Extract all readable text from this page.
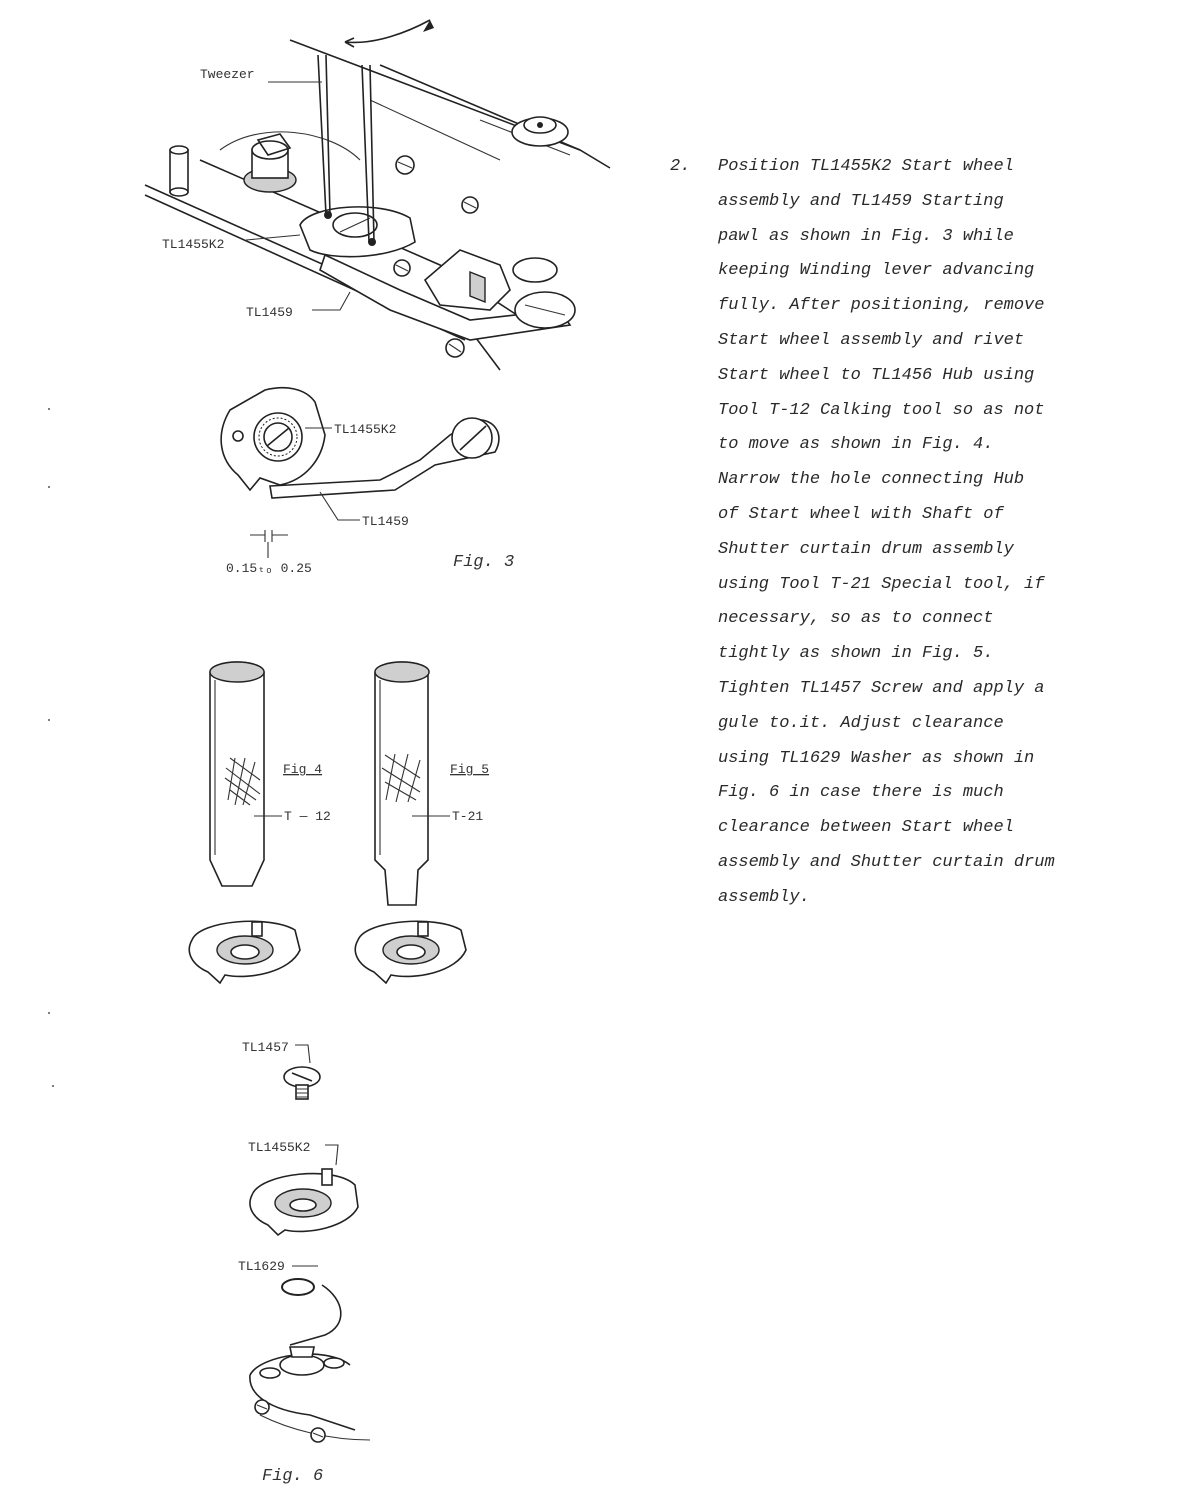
Tweezer
TL1455K2
TL1459
TL1455K2
TL1459
0.15ₜₒ 0.25	Fig. 3
Fig 4
T — 12
Fig 5
T-21
TL1457
TL1455K2
TL1629
Fig. 6
2. Position TL1455K2 Start wheel
assembly and TL1459 Starting
pawl as shown in Fig. 3 while
keeping Winding lever advancing
fully. After positioning, remove
Start wheel assembly and rivet
Start wheel to TL1456 Hub using
Tool T-12 Calking tool so as not
to move as shown in Fig. 4.
Narrow the hole connecting Hub
of Start wheel with Shaft of
Shutter curtain drum assembly
using Tool T-21 Special tool, if
necessary, so as to connect
tightly as shown in Fig. 5.
Tighten TL1457 Screw and apply a
gule to.it. Adjust clearance
using TL1629 Washer as shown in
Fig. 6 in case there is much
clearance between Start wheel
assembly and Shutter curtain drum
assembly.
